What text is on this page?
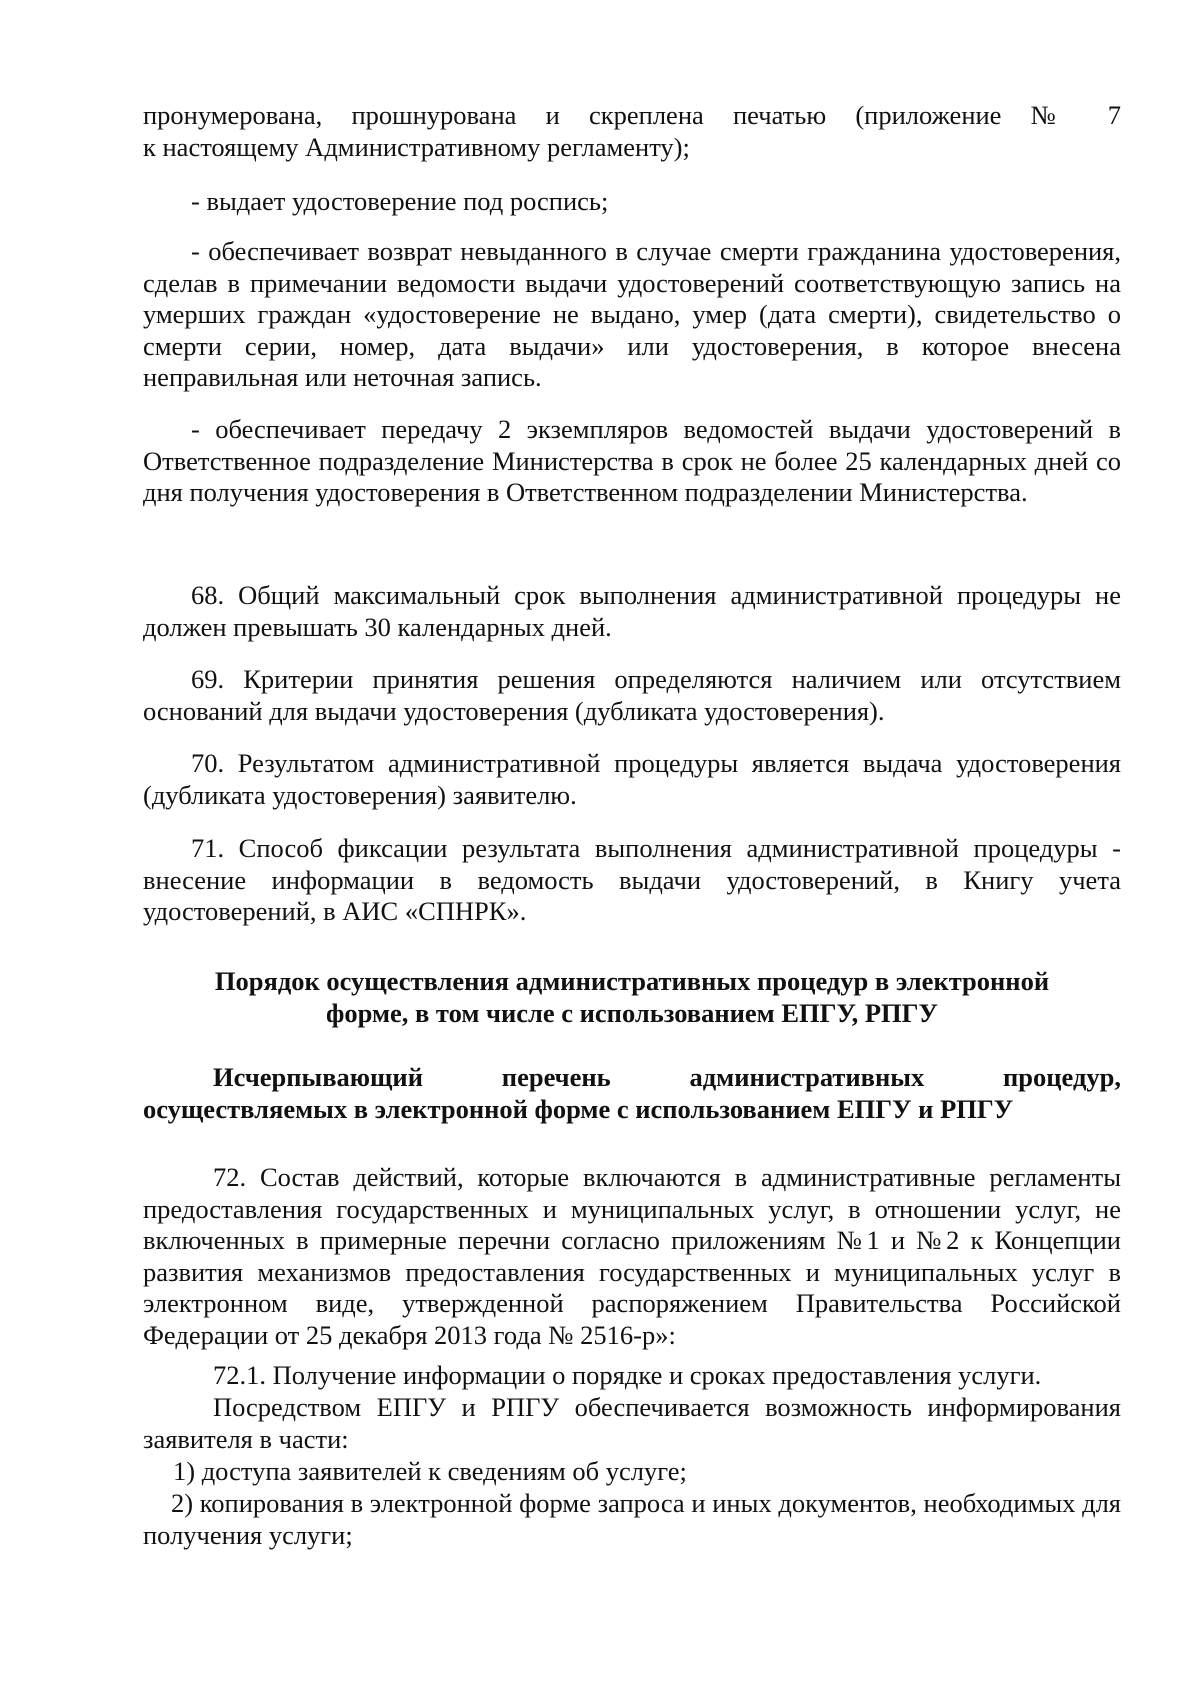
пронумерована, прошнурована и скреплена печатью (приложение № 7
к настоящему Административному регламенту);

- выдает удостоверение под роспись;

- обеспечивает возврат невыданного в случае смерти гражданина удостоверения, сделав в примечании ведомости выдачи удостоверений соответствующую запись на умерших граждан «удостоверение не выдано, умер (дата смерти), свидетельство о смерти серии, номер, дата выдачи» или удостоверения, в которое внесена неправильная или неточная запись.

- обеспечивает передачу 2 экземпляров ведомостей выдачи удостоверений в Ответственное подразделение Министерства в срок не более 25 календарных дней со дня получения удостоверения в Ответственном подразделении Министерства.

68. Общий максимальный срок выполнения административной процедуры не должен превышать 30 календарных дней.

69. Критерии принятия решения определяются наличием или отсутствием оснований для выдачи удостоверения (дубликата удостоверения).

70. Результатом административной процедуры является выдача удостоверения (дубликата удостоверения) заявителю.

71. Способ фиксации результата выполнения административной процедуры - внесение информации в ведомость выдачи удостоверений, в Книгу учета удостоверений, в АИС «СПНРК».

Порядок осуществления административных процедур в электронной
форме, в том числе с использованием ЕПГУ, РПГУ
Исчерпывающий перечень административных процедур,
осуществляемых в электронной форме с использованием ЕПГУ и РПГУ

72. Состав действий, которые включаются в административные регламенты предоставления государственных и муниципальных услуг, в отношении услуг, не включенных в примерные перечни согласно приложениям №1 и №2 к Концепции развития механизмов предоставления государственных и муниципальных услуг в электронном виде, утвержденной распоряжением Правительства Российской Федерации от 25 декабря 2013 года № 2516-р»:

72.1. Получение информации о порядке и сроках предоставления услуги.

Посредством ЕПГУ и РПГУ обеспечивается возможность информирования заявителя в части:

1) доступа заявителей к сведениям об услуге;

2) копирования в электронной форме запроса и иных документов, необходимых для получения услуги;
